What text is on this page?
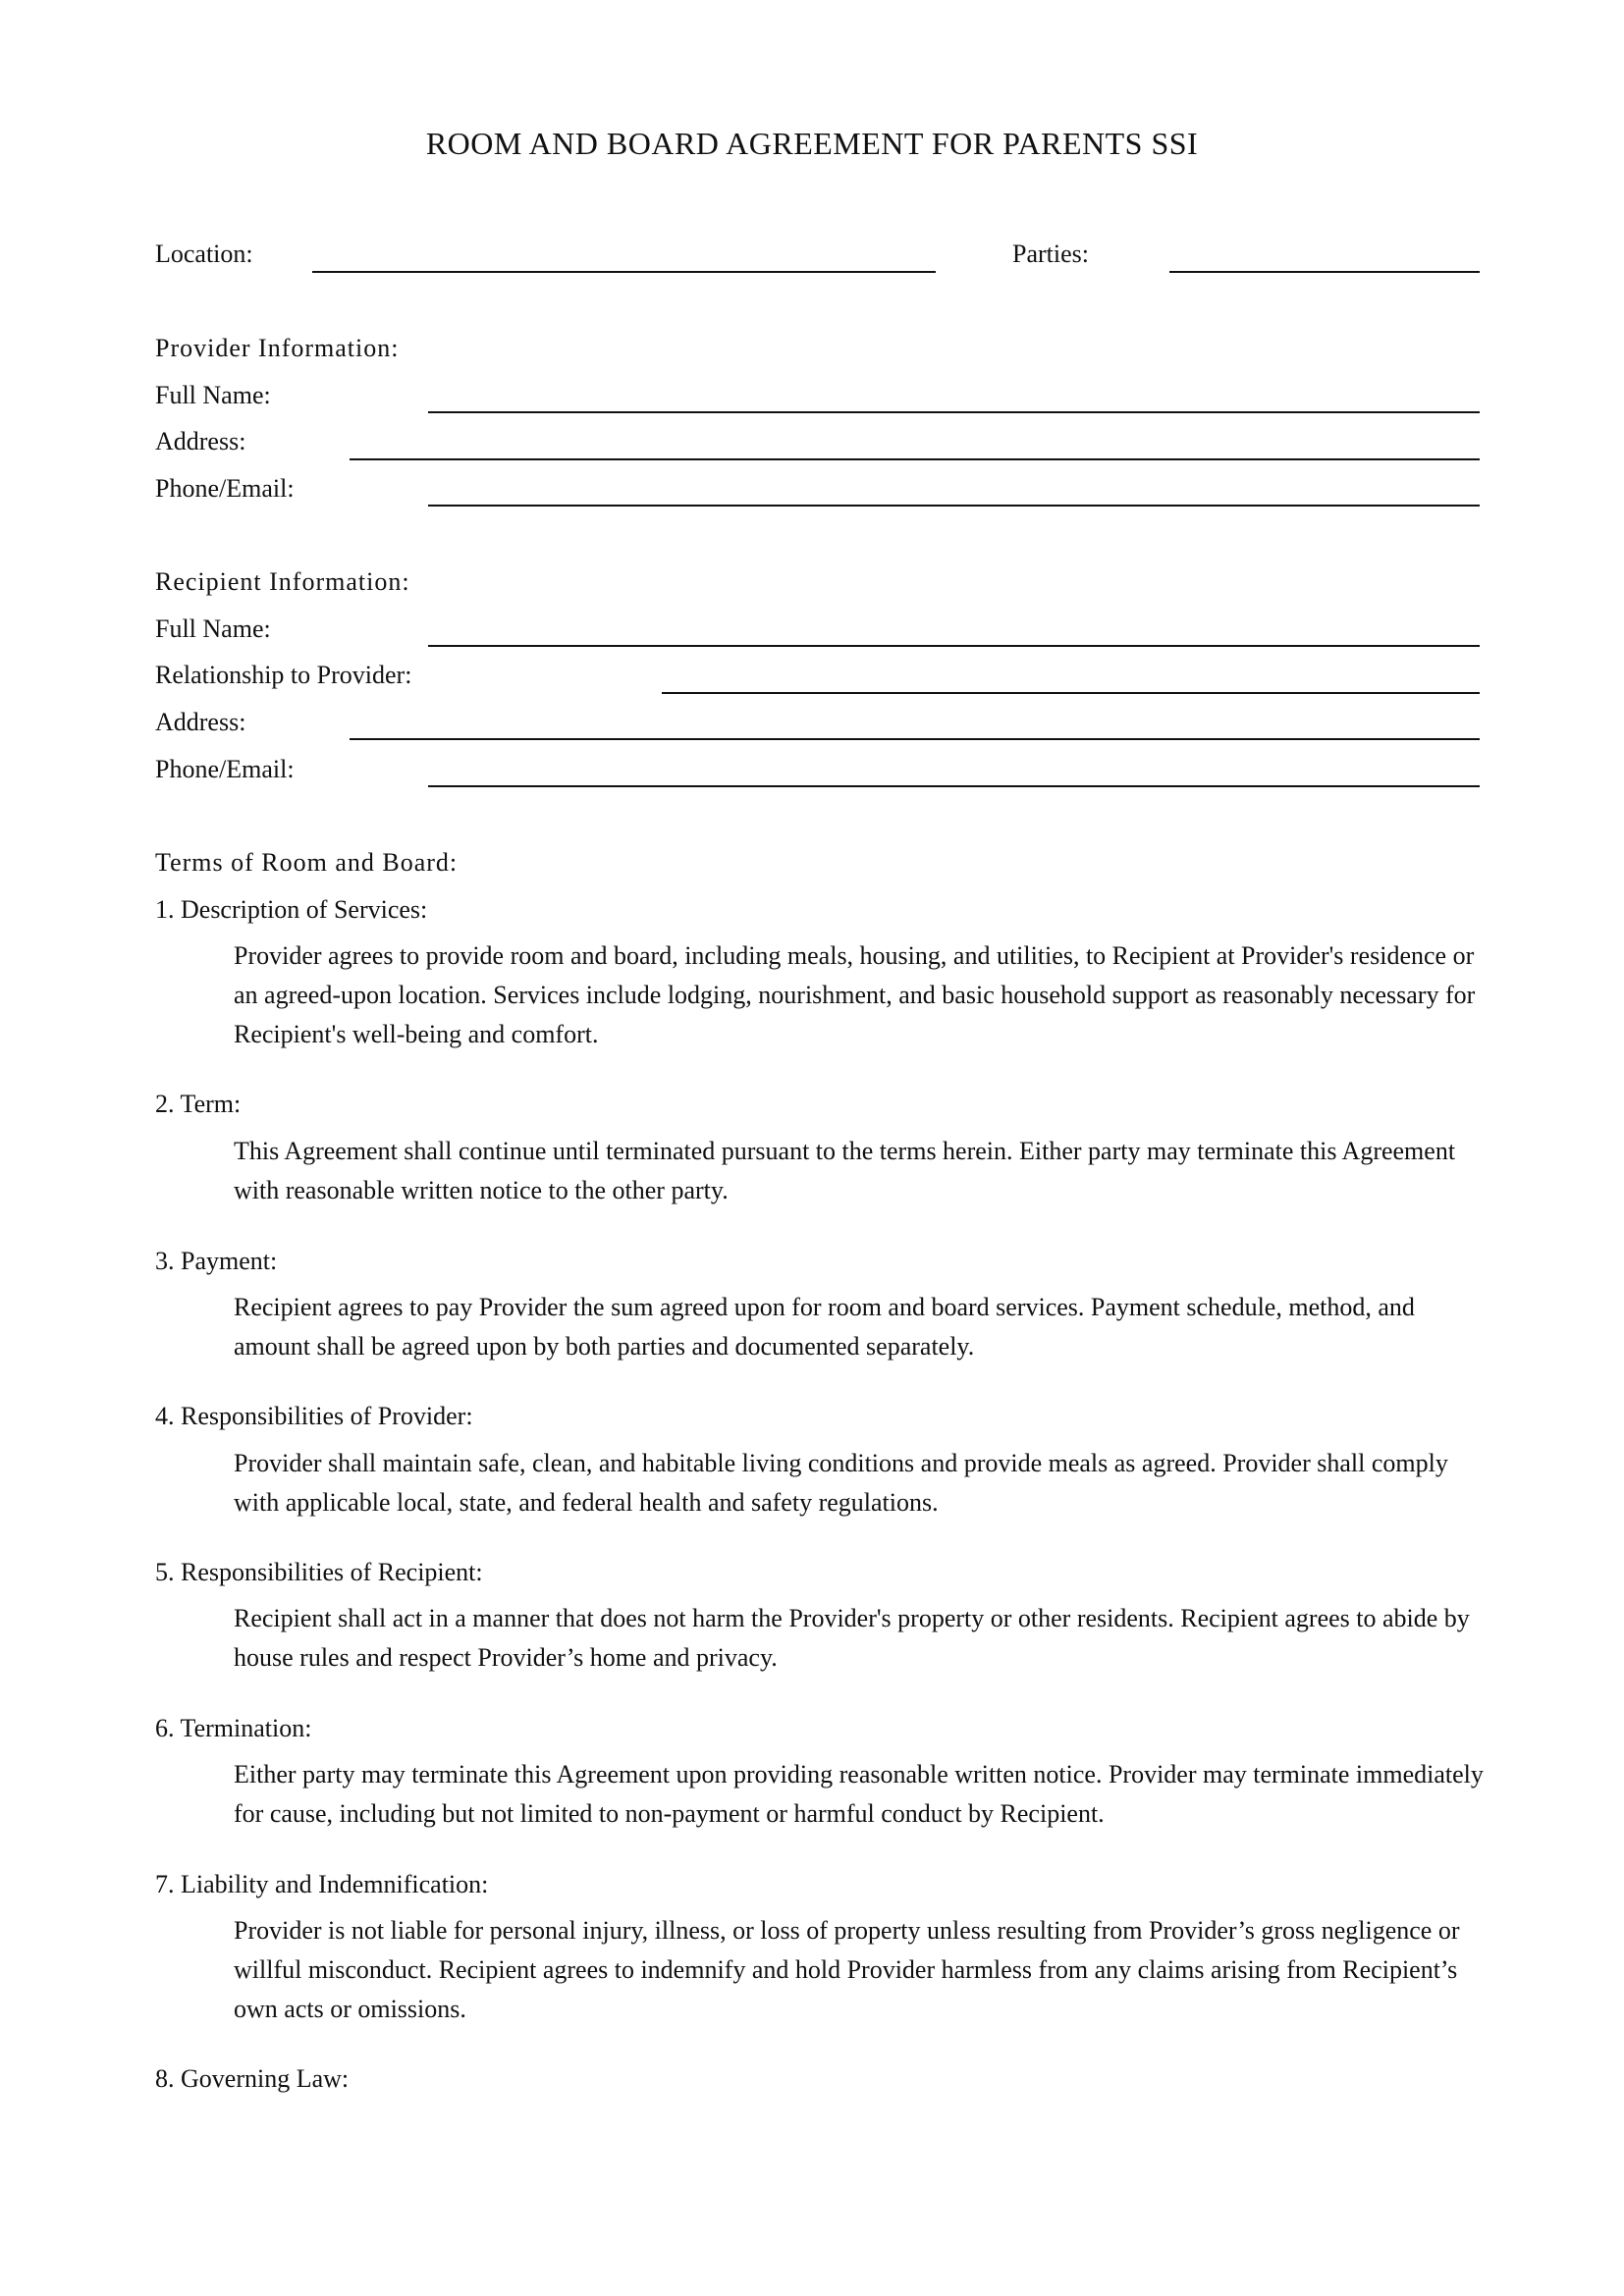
ROOM AND BOARD AGREEMENT FOR PARENTS SSI
Location:	Parties:
Provider Information:
Full Name:
Address:
Phone/Email:
Recipient Information:
Full Name:
Relationship to Provider:
Address:
Phone/Email:
Terms of Room and Board:
1. Description of Services:
Provider agrees to provide room and board, including meals, housing, and utilities, to Recipient at Provider's residence or an agreed-upon location. Services include lodging, nourishment, and basic household support as reasonably necessary for Recipient's well-being and comfort.
2. Term:
This Agreement shall continue until terminated pursuant to the terms herein. Either party may terminate this Agreement with reasonable written notice to the other party.
3. Payment:
Recipient agrees to pay Provider the sum agreed upon for room and board services. Payment schedule, method, and amount shall be agreed upon by both parties and documented separately.
4. Responsibilities of Provider:
Provider shall maintain safe, clean, and habitable living conditions and provide meals as agreed. Provider shall comply with applicable local, state, and federal health and safety regulations.
5. Responsibilities of Recipient:
Recipient shall act in a manner that does not harm the Provider's property or other residents. Recipient agrees to abide by house rules and respect Provider’s home and privacy.
6. Termination:
Either party may terminate this Agreement upon providing reasonable written notice. Provider may terminate immediately for cause, including but not limited to non-payment or harmful conduct by Recipient.
7. Liability and Indemnification:
Provider is not liable for personal injury, illness, or loss of property unless resulting from Provider’s gross negligence or willful misconduct. Recipient agrees to indemnify and hold Provider harmless from any claims arising from Recipient’s own acts or omissions.
8. Governing Law:
